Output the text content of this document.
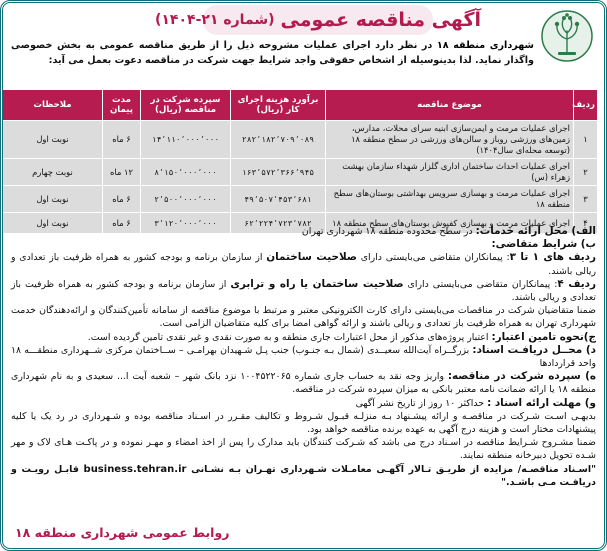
آگهی مناقصه عمومی
(شماره ۲۱-۱۴۰۴)
شهرداری منطقه ۱۸ در نظر دارد اجرای عملیات مشروحه ذیل را از طریق مناقصه عمومی به بخش خصوصی واگذار نماید. لذا بدینوسیله از اشخاص حقوقی واجد شرایط جهت شرکت در مناقصه دعوت بعمل می آید:
ردیف	موضوع مناقصه	برآورد هزینه اجرای کار (ریال)	سپرده شرکت در مناقصه (ریال)	مدت پیمان	ملاحظات
۱	اجرای عملیات مرمت و ایمن‌سازی ابنیه سرای محلات، مدارس، زمین‌های ورزشی روباز و سالن‌های ورزشی در سطح منطقه ۱۸ (توسعه محله‌ای سال۱۴۰۴)	۲۸۲٬۱۸۲٬۷۰۹٬۰۸۹	۱۴٬۱۱۰٬۰۰۰٬۰۰۰	۶ ماه	نوبت اول
۲	اجرای عملیات احداث ساختمان اداری گلزار شهداء سازمان بهشت زهراء (س)	۱۶۳٬۵۷۲٬۳۶۶٬۹۴۵	۸٬۱۵۰٬۰۰۰٬۰۰۰	۱۲ ماه	نوبت چهارم
۳	اجرای عملیات مرمت و بهسازی سرویس بهداشتی بوستان‌های سطح منطقه ۱۸	۴۹٬۵۰۷٬۴۵۳٬۶۸۱	۲٬۵۰۰٬۰۰۰٬۰۰۰	۶ ماه	نوبت اول
۴	اجرای عملیات مرمت و بهسازی کفپوش بوستان‌های سطح منطقه ۱۸	۶۲٬۲۲۴٬۷۲۳٬۷۸۲	۳٬۱۲۰٬۰۰۰٬۰۰۰	۶ ماه	نوبت اول

الف) محل ارائه خدمات: در سطح محدوده منطقه ۱۸ شهرداری تهران

ب) شرایط متقاضی:

ردیف های ۱ تا ۳: پیمانکاران متقاضی می‌بایستی دارای صلاحیت ساختمان از سازمان برنامه و بودجه کشور به همراه ظرفیت باز تعدادی و ریالی باشند.

ردیف ۴: پیمانکاران متقاضی می‌بایستی دارای صلاحیت ساختمان یا راه و ترابری از سازمان برنامه و بودجه کشور به همراه ظرفیت باز تعدادی و ریالی باشند.

ضمنا متقاضیان شرکت در مناقصات می‌بایستی دارای کارت الکترونیکی معتبر و مرتبط با موضوع مناقصه از سامانه تأمین‌کنندگان و ارائه‌دهندگان خدمت شهرداری تهران به همراه ظرفیت باز تعدادی و ریالی باشند و ارائه گواهی امضا برای کلیه متقاضیان الزامی است.

ج)نحوه تامین اعتبار: اعتبار پروژه‌های مذکور از محل اعتبارات جاری منطقه و به صورت نقدی و غیر نقدی تامین گردیده است.

د) محــل دریافـت اسناد: بزرگــراه آیت‌الله سعیــدی (شمال بـه جنـوب) جنب پـل شـهیدان بهرامـی – ســاختمان مرکزی شــهرداری منطقـــه ۱۸ واحد قراردادها

ه) سپرده شرکت در مناقصه: واریز وجه نقد به حساب جاری شماره ۱۰۰۴۵۲۲۰۶۵ نزد بانک شهر – شعبه آیت ا... سعیدی و به نام شهرداری منطقه ۱۸ یا ارائه ضمانت نامه معتبر بانکی به میزان سپرده شرکت در مناقصه.

و) مهلت ارائه اسناد : حداکثر ۱۰ روز از تاریخ نشر آگهی

بدیهـی اسـت شـرکت در مناقصـه و ارائه پیشـنهاد بـه منزلـه قبـول شـروط و تکالیف مقـرر در اسـناد مناقصه بوده و شـهرداری در رد یک یا کلیه پیشنهادات مختار است و هزینه درج آگهی به عهده برنده مناقصه خواهد بود.

ضمنا مشـروح شـرایط مناقصه در اسـناد درج می باشد که شـرکت کنندگان باید مدارک را پس از اخذ امضاء و مهـر نموده و در پاکـت هـای لاک و مهر شـده تحویل دبیرخانه منطقه نمایند.

"اسـناد مناقصـه/ مزایده از طریـق تـالار آگهـی معامـلات شـهرداری تهـران بـه نشـانی business.tehran.ir قابـل رویـت و دریافـت مـی باشـد."

روابط عمومی شهرداری منطقه ۱۸
